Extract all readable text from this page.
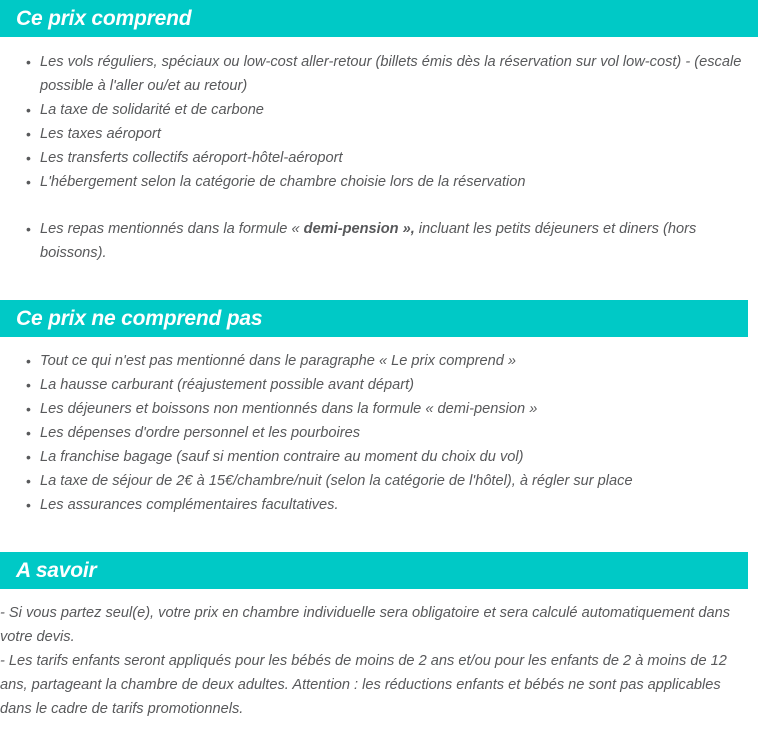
Ce prix comprend
• Les vols réguliers, spéciaux ou low-cost aller-retour (billets émis dès la réservation sur vol low-cost) - (escale possible à l'aller ou/et au retour)
• La taxe de solidarité et de carbone
• Les taxes aéroport
• Les transferts collectifs aéroport-hôtel-aéroport
• L'hébergement selon la catégorie de chambre choisie lors de la réservation
• Les repas mentionnés dans la formule « demi-pension », incluant les petits déjeuners et diners (hors boissons).
Ce prix ne comprend pas
• Tout ce qui n'est pas mentionné dans le paragraphe « Le prix comprend »
• La hausse carburant (réajustement possible avant départ)
• Les déjeuners et boissons non mentionnés dans la formule « demi-pension »
• Les dépenses d'ordre personnel et les pourboires
• La franchise bagage (sauf si mention contraire au moment du choix du vol)
• La taxe de séjour de 2€ à 15€/chambre/nuit (selon la catégorie de l'hôtel), à régler sur place
• Les assurances complémentaires facultatives.
A savoir

- Si vous partez seul(e), votre prix en chambre individuelle sera obligatoire et sera calculé automatiquement dans votre devis.

- Les tarifs enfants seront appliqués pour les bébés de moins de 2 ans et/ou pour les enfants de 2 à moins de 12 ans, partageant la chambre de deux adultes. Attention : les réductions enfants et bébés ne sont pas applicables dans le cadre de tarifs promotionnels.
